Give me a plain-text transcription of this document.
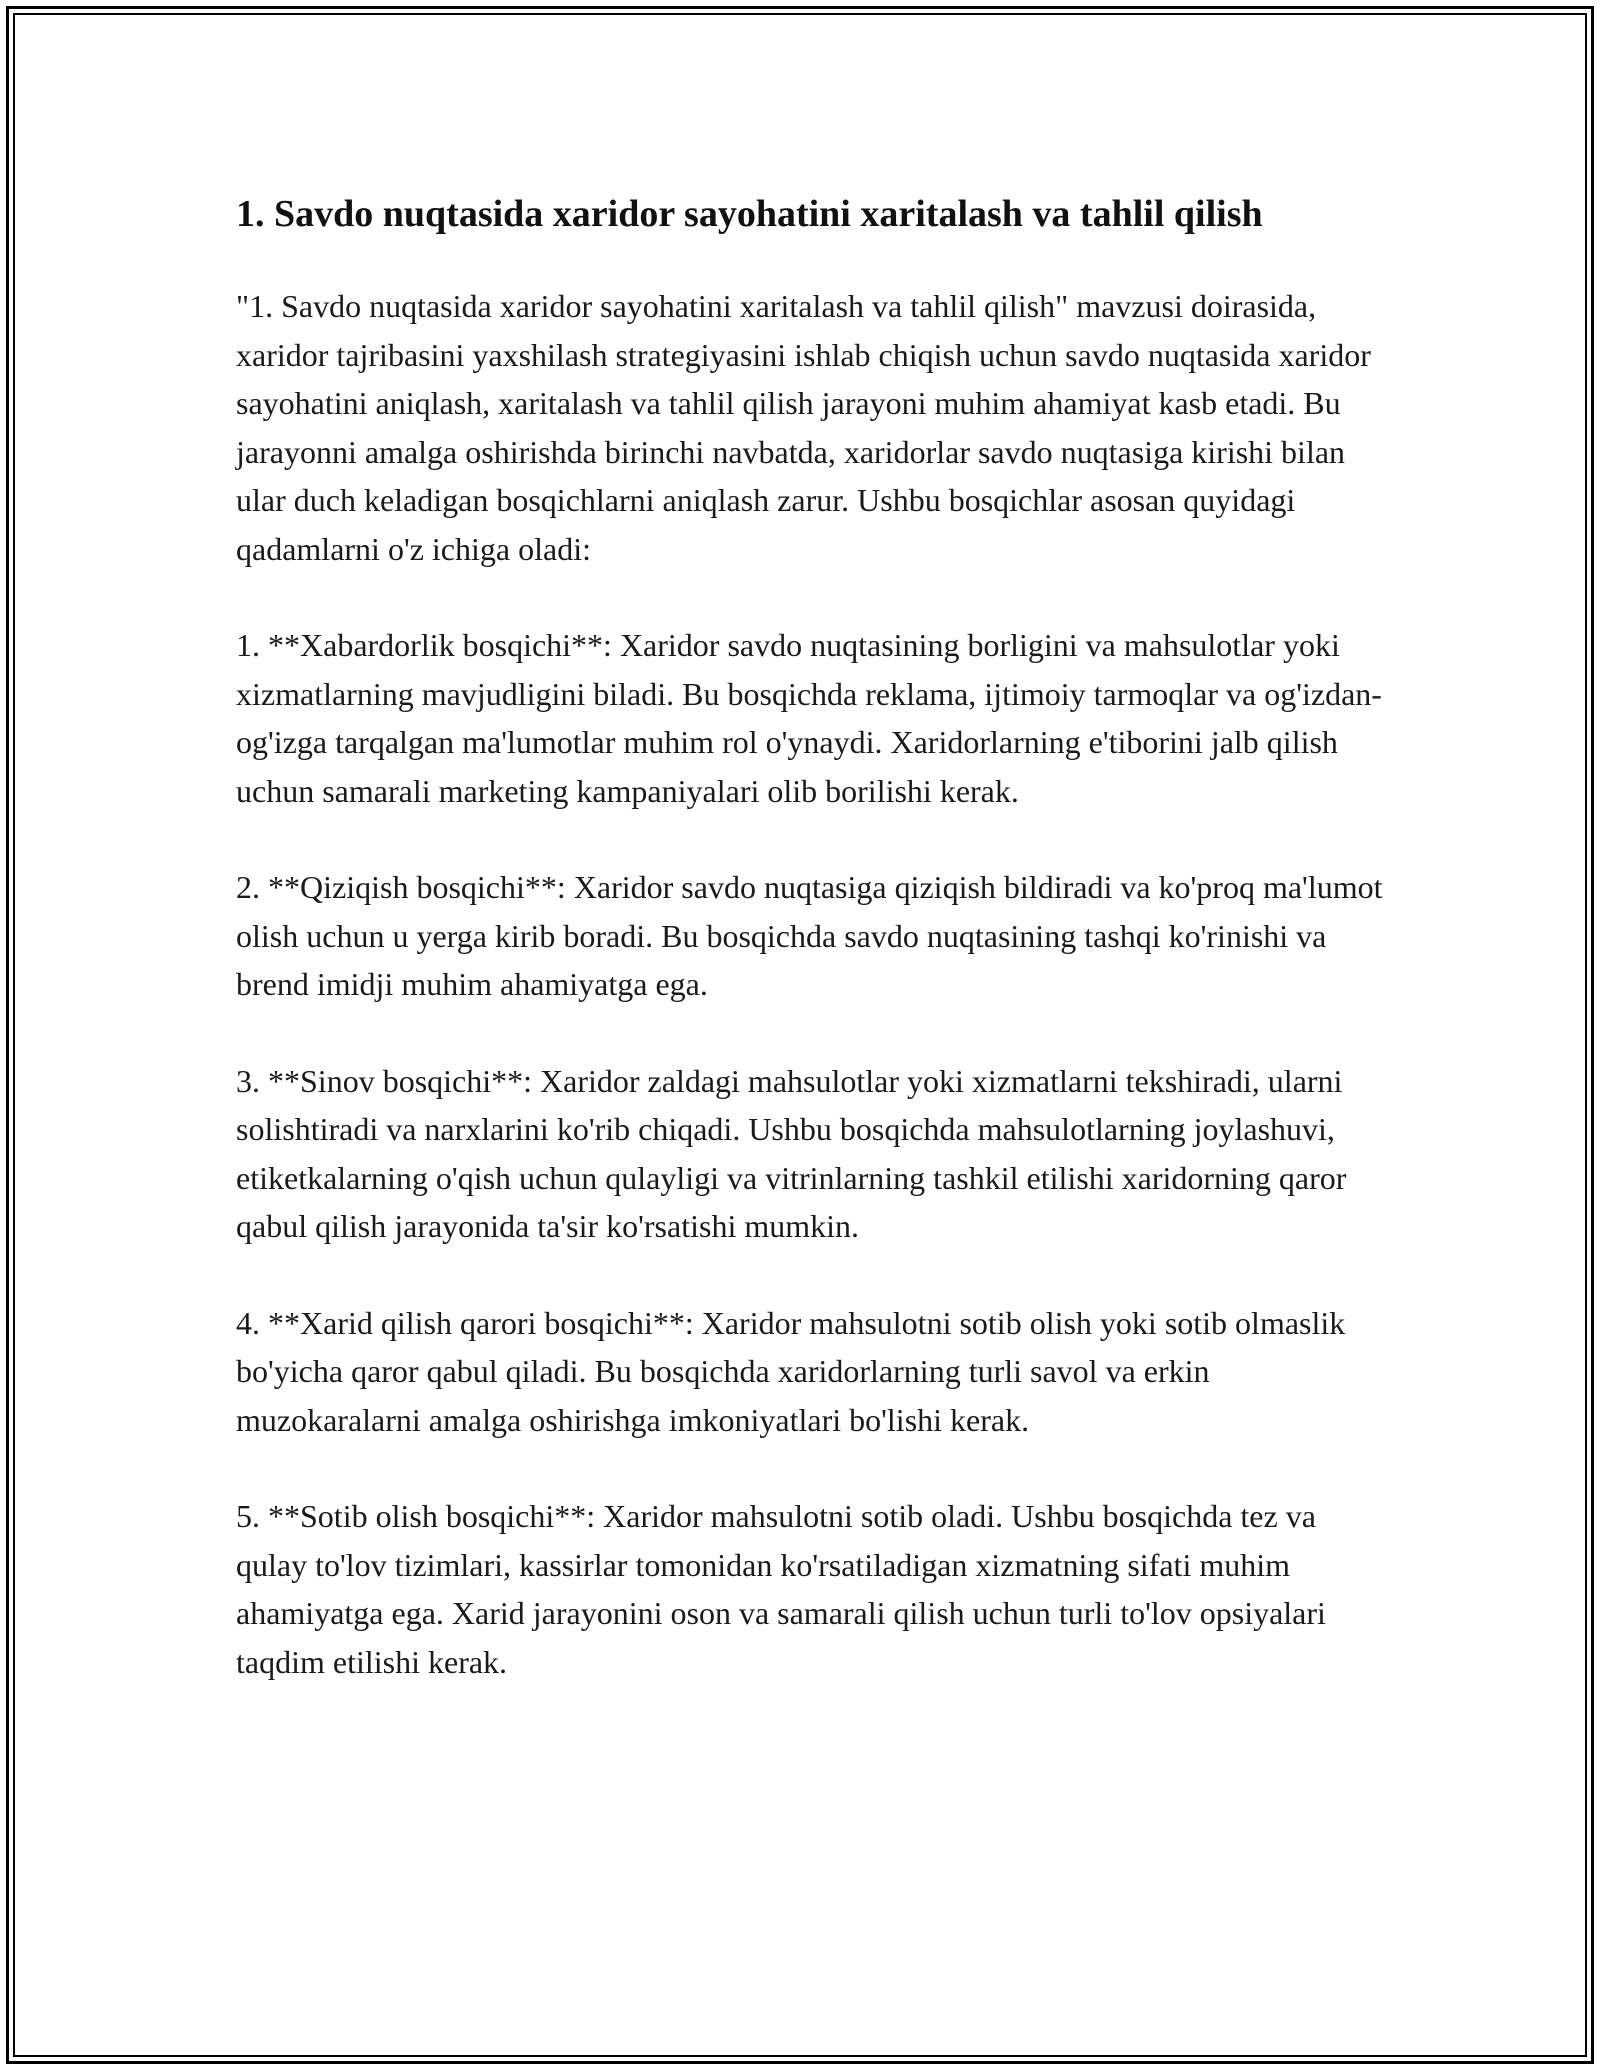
1. Savdo nuqtasida xaridor sayohatini xaritalash va tahlil qilish

"1. Savdo nuqtasida xaridor sayohatini xaritalash va tahlil qilish" mavzusi doirasida, xaridor tajribasini yaxshilash strategiyasini ishlab chiqish uchun savdo nuqtasida xaridor sayohatini aniqlash, xaritalash va tahlil qilish jarayoni muhim ahamiyat kasb etadi. Bu jarayonni amalga oshirishda birinchi navbatda, xaridorlar savdo nuqtasiga kirishi bilan ular duch keladigan bosqichlarni aniqlash zarur. Ushbu bosqichlar asosan quyidagi qadamlarni o'z ichiga oladi:

1. **Xabardorlik bosqichi**: Xaridor savdo nuqtasining borligini va mahsulotlar yoki xizmatlarning mavjudligini biladi. Bu bosqichda reklama, ijtimoiy tarmoqlar va og'izdan-og'izga tarqalgan ma'lumotlar muhim rol o'ynaydi. Xaridorlarning e'tiborini jalb qilish uchun samarali marketing kampaniyalari olib borilishi kerak.

2. **Qiziqish bosqichi**: Xaridor savdo nuqtasiga qiziqish bildiradi va ko'proq ma'lumot olish uchun u yerga kirib boradi. Bu bosqichda savdo nuqtasining tashqi ko'rinishi va brend imidji muhim ahamiyatga ega.

3. **Sinov bosqichi**: Xaridor zaldagi mahsulotlar yoki xizmatlarni tekshiradi, ularni solishtiradi va narxlarini ko'rib chiqadi. Ushbu bosqichda mahsulotlarning joylashuvi, etiketkalarning o'qish uchun qulayligi va vitrinlarning tashkil etilishi xaridorning qaror qabul qilish jarayonida ta'sir ko'rsatishi mumkin.

4. **Xarid qilish qarori bosqichi**: Xaridor mahsulotni sotib olish yoki sotib olmaslik bo'yicha qaror qabul qiladi. Bu bosqichda xaridorlarning turli savol va erkin muzokaralarni amalga oshirishga imkoniyatlari bo'lishi kerak.

5. **Sotib olish bosqichi**: Xaridor mahsulotni sotib oladi. Ushbu bosqichda tez va qulay to'lov tizimlari, kassirlar tomonidan ko'rsatiladigan xizmatning sifati muhim ahamiyatga ega. Xarid jarayonini oson va samarali qilish uchun turli to'lov opsiyalari taqdim etilishi kerak.
